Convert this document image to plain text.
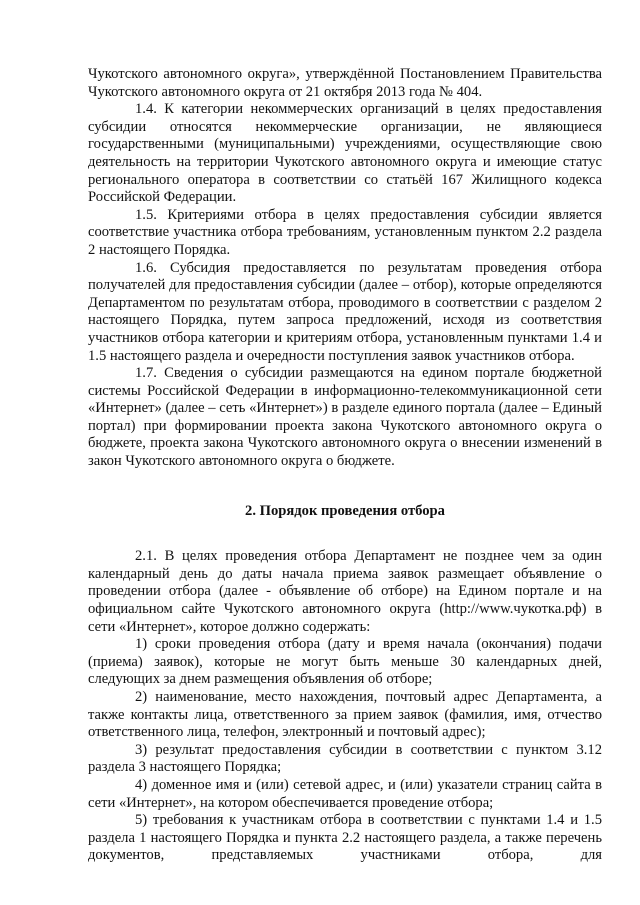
Чукотского автономного округа», утверждённой Постановлением Правительства Чукотского автономного округа от 21 октября 2013 года № 404.

1.4. К категории некоммерческих организаций в целях предоставления субсидии относятся некоммерческие организации, не являющиеся государственными (муниципальными) учреждениями, осуществляющие свою деятельность на территории Чукотского автономного округа и имеющие статус регионального оператора в соответствии со статьёй 167 Жилищного кодекса Российской Федерации.

1.5. Критериями отбора в целях предоставления субсидии является соответствие участника отбора требованиям, установленным пунктом 2.2 раздела 2 настоящего Порядка.

1.6. Субсидия предоставляется по результатам проведения отбора получателей для предоставления субсидии (далее – отбор), которые определяются Департаментом по результатам отбора, проводимого в соответствии с разделом 2 настоящего Порядка, путем запроса предложений, исходя из соответствия участников отбора категории и критериям отбора, установленным пунктами 1.4 и 1.5 настоящего раздела и очередности поступления заявок участников отбора.

1.7. Сведения о субсидии размещаются на едином портале бюджетной системы Российской Федерации в информационно-телекоммуникационной сети «Интернет» (далее – сеть «Интернет») в разделе единого портала (далее – Единый портал) при формировании проекта закона Чукотского автономного округа о бюджете, проекта закона Чукотского автономного округа о внесении изменений в закон Чукотского автономного округа о бюджете.

2. Порядок проведения отбора

2.1. В целях проведения отбора Департамент не позднее чем за один календарный день до даты начала приема заявок размещает объявление о проведении отбора (далее - объявление об отборе) на Едином портале и на официальном сайте Чукотского автономного округа (http://www.чукотка.рф) в сети «Интернет», которое должно содержать:

1) сроки проведения отбора (дату и время начала (окончания) подачи (приема) заявок), которые не могут быть меньше 30 календарных дней, следующих за днем размещения объявления об отборе;

2) наименование, место нахождения, почтовый адрес Департамента, а также контакты лица, ответственного за прием заявок (фамилия, имя, отчество ответственного лица, телефон, электронный и почтовый адрес);

3) результат предоставления субсидии в соответствии с пунктом 3.12 раздела 3 настоящего Порядка;

4) доменное имя и (или) сетевой адрес, и (или) указатели страниц сайта в сети «Интернет», на котором обеспечивается проведение отбора;

5) требования к участникам отбора в соответствии с пунктами 1.4 и 1.5 раздела 1 настоящего Порядка и пункта 2.2 настоящего раздела, а также перечень документов, представляемых участниками отбора, для
